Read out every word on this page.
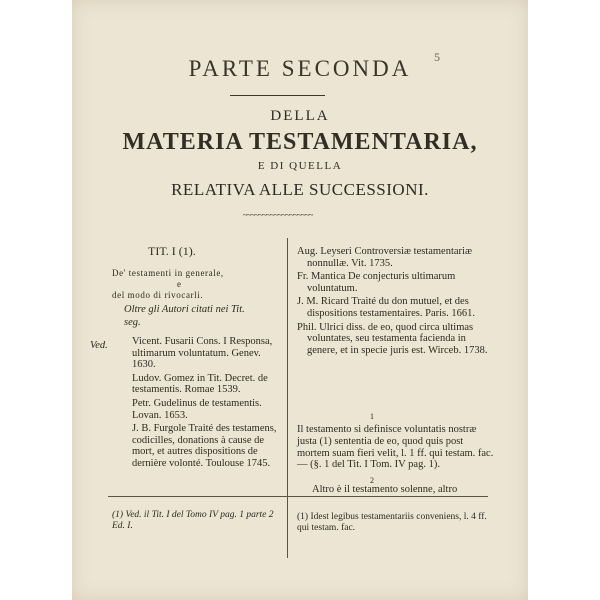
5
PARTE SECONDA
DELLA
MATERIA TESTAMENTARIA,
E DI QUELLA
RELATIVA ALLE SUCCESSIONI.
~~~~~~~~~~~~~~~~~~
TIT. I (1).
De' testamenti in generale,
e
del modo di rivocarli.
Oltre gli Autori citati nei Tit.
seg.
Ved. Vicent. Fusarii Cons. I Responsa, ultimarum voluntatum. Genev. 1630.
Ludov. Gomez in Tit. Decret. de testamentis. Romae 1539.
Petr. Gudelinus de testamentis. Lovan. 1653.
J. B. Furgole Traité des testamens, codicilles, donations à cause de mort, et autres dispositions de dernière volonté. Toulouse 1745.
Aug. Leyseri Controversiæ testamentariæ nonnullæ. Vit. 1735.
Fr. Mantica De conjecturis ultimarum voluntatum.
J. M. Ricard Traité du don mutuel, et des dispositions testamentaires. Paris. 1661.
Phil. Ulrici diss. de eo, quod circa ultimas voluntates, seu testamenta facienda in genere, et in specie juris est. Wirceb. 1738.
1
Il testamento si definisce voluntatis nostræ justa (1) sententia de eo, quod quis post mortem suam fieri velit, l. 1 ff. qui testam. fac. — (§. 1 del Tit. I Tom. IV pag. 1).
2
Altro è il testamento solenne, altro
(1) Ved. il Tit. I del Tomo IV pag. 1 parte 2 Ed. I.
(1) Idest legibus testamentariis conveniens, l. 4 ff. qui testam. fac.
